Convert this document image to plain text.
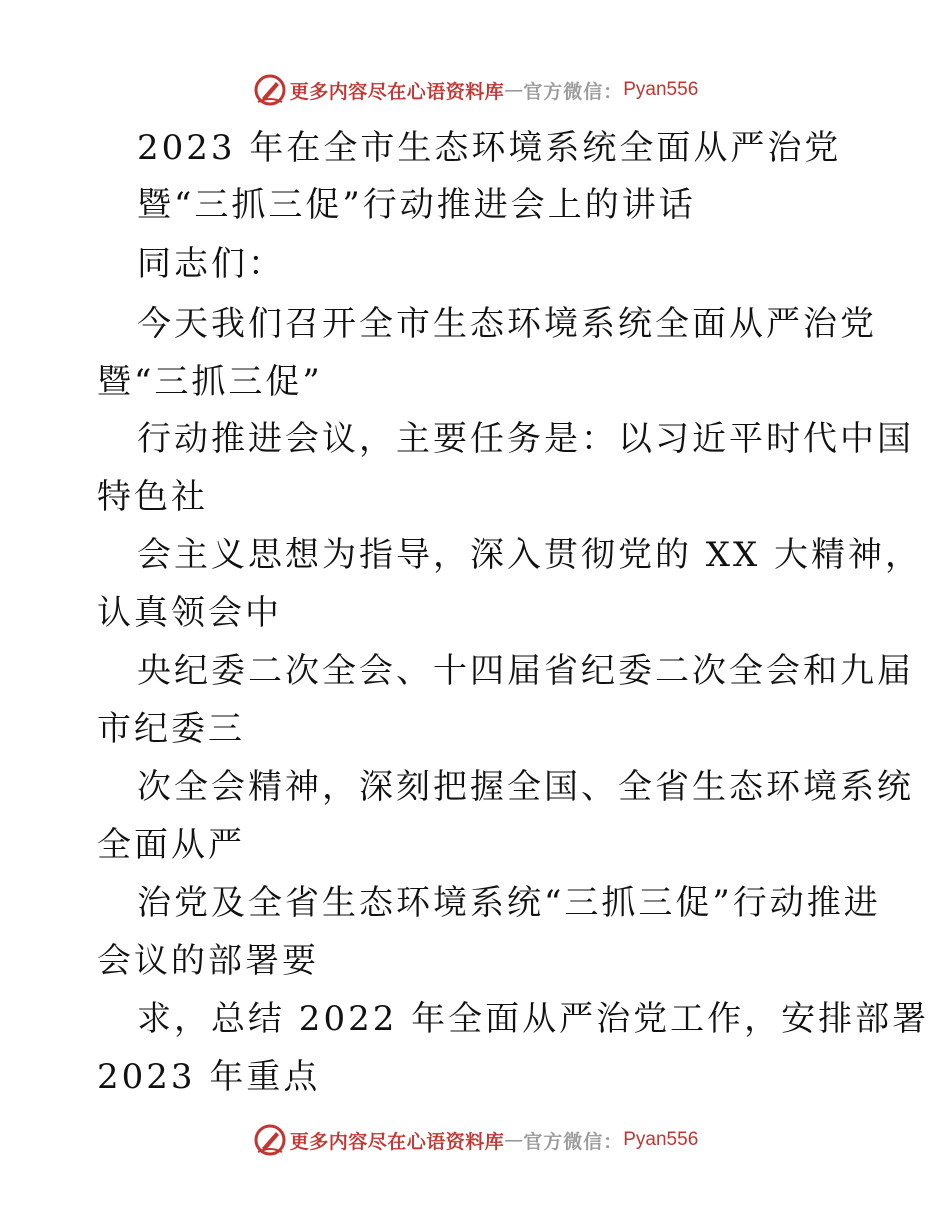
更多内容尽在心语资料库 — 官方微信： Pyan556
2023 年在全市生态环境系统全面从严治党
暨“三抓三促”行动推进会上的讲话
同志们：
今天我们召开全市生态环境系统全面从严治党
暨“三抓三促”
行动推进会议，主要任务是：以习近平时代中国
特色社
会主义思想为指导，深入贯彻党的 XX 大精神，
认真领会中
央纪委二次全会、十四届省纪委二次全会和九届
市纪委三
次全会精神，深刻把握全国、全省生态环境系统
全面从严
治党及全省生态环境系统“三抓三促”行动推进
会议的部署要
求，总结 2022 年全面从严治党工作，安排部署
2023 年重点
更多内容尽在心语资料库 — 官方微信： Pyan556
